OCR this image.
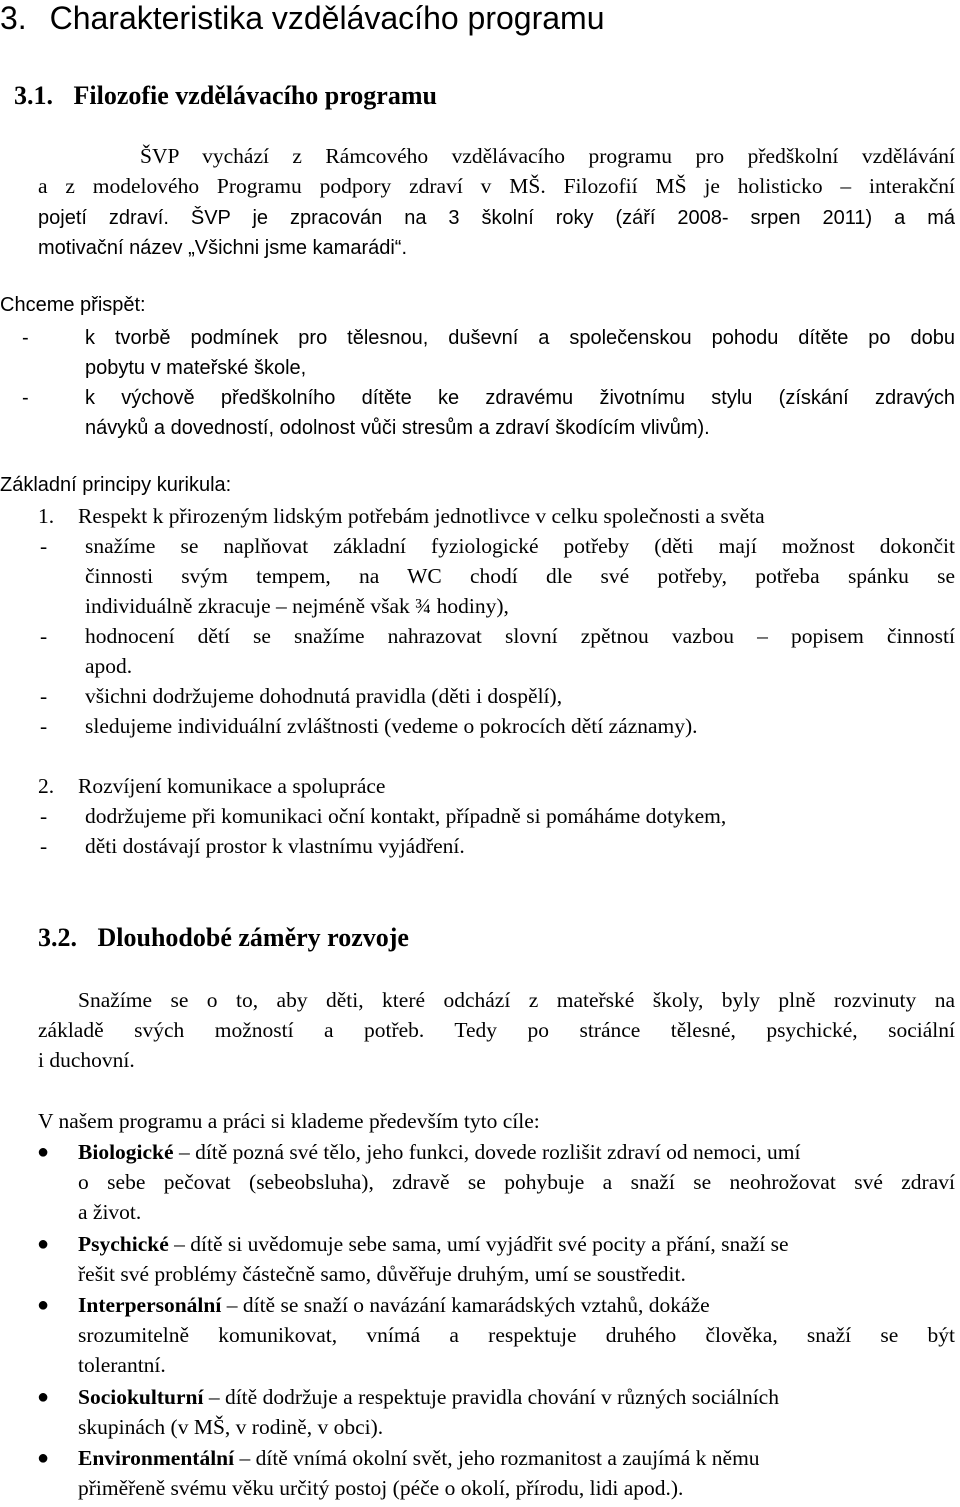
3. Charakteristika vzdělávacího programu
3.1. Filozofie vzdělávacího programu
ŠVP vychází z Rámcového vzdělávacího programu pro předškolní vzdělávání
a z modelového Programu podpory zdraví v MŠ. Filozofií MŠ je holisticko – interakční
pojetí zdraví. ŠVP je zpracován na 3 školní roky (září 2008- srpen 2011) a má
motivační název „Všichni jsme kamarádi“.
Chceme přispět:
-	k tvorbě podmínek pro tělesnou, duševní a společenskou pohodu dítěte po dobu
pobytu v mateřské škole,
-	k výchově předškolního dítěte ke zdravému životnímu stylu (získání zdravých
návyků a dovedností, odolnost vůči stresům a zdraví škodícím vlivům).
Základní principy kurikula:
1. Respekt k přirozeným lidským potřebám jednotlivce v celku společnosti a světa
- snažíme se naplňovat základní fyziologické potřeby (děti mají možnost dokončit
činnosti svým tempem, na WC chodí dle své potřeby, potřeba spánku se
individuálně zkracuje – nejméně však ¾ hodiny),
- hodnocení dětí se snažíme nahrazovat slovní zpětnou vazbou – popisem činností
apod.
- všichni dodržujeme dohodnutá pravidla (děti i dospělí),
- sledujeme individuální zvláštnosti (vedeme o pokrocích dětí záznamy).
2. Rozvíjení komunikace a spolupráce
- dodržujeme při komunikaci oční kontakt, případně si pomáháme dotykem,
- děti dostávají prostor k vlastnímu vyjádření.
3.2. Dlouhodobé záměry rozvoje
Snažíme se o to, aby děti, které odchází z mateřské školy, byly plně rozvinuty na
základě svých možností a potřeb. Tedy po stránce tělesné, psychické, sociální
i duchovní.
V našem programu a práci si klademe především tyto cíle:
● Biologické – dítě pozná své tělo, jeho funkci, dovede rozlišit zdraví od nemoci, umí
o sebe pečovat (sebeobsluha), zdravě se pohybuje a snaží se neohrožovat své zdraví
a život.
● Psychické – dítě si uvědomuje sebe sama, umí vyjádřit své pocity a přání, snaží se
řešit své problémy částečně samo, důvěřuje druhým, umí se soustředit.
● Interpersonální – dítě se snaží o navázání kamarádských vztahů, dokáže
srozumitelně komunikovat, vnímá a respektuje druhého člověka, snaží se být
tolerantní.
● Sociokulturní – dítě dodržuje a respektuje pravidla chování v různých sociálních
skupinách (v MŠ, v rodině, v obci).
● Environmentální – dítě vnímá okolní svět, jeho rozmanitost a zaujímá k němu
přiměřeně svému věku určitý postoj (péče o okolí, přírodu, lidi apod.).
